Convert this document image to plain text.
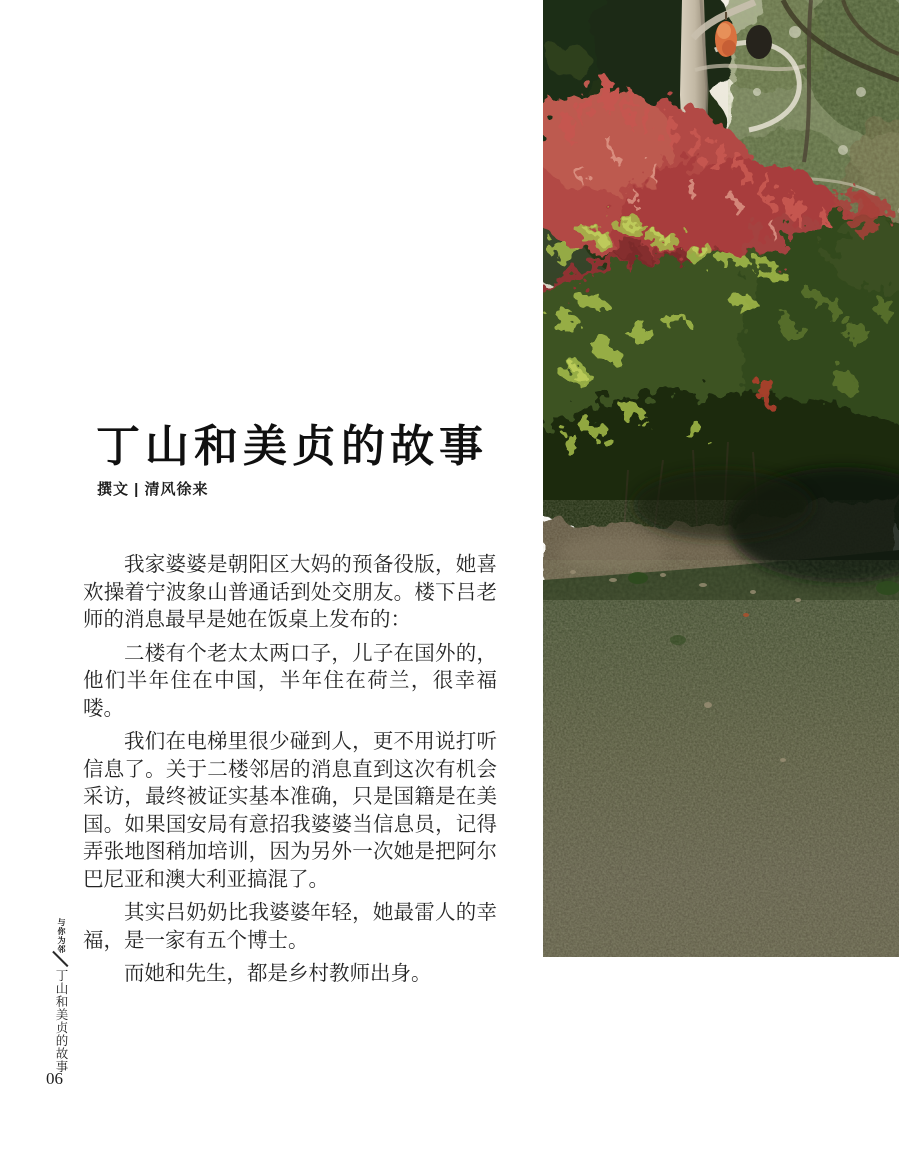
丁山和美贞的故事
撰文 | 清风徐来

我家婆婆是朝阳区大妈的预备役版，她喜欢操着宁波象山普通话到处交朋友。楼下吕老师的消息最早是她在饭桌上发布的：

二楼有个老太太两口子，儿子在国外的，他们半年住在中国，半年住在荷兰，很幸福喽。

我们在电梯里很少碰到人，更不用说打听信息了。关于二楼邻居的消息直到这次有机会采访，最终被证实基本准确，只是国籍是在美国。如果国安局有意招我婆婆当信息员，记得弄张地图稍加培训，因为另外一次她是把阿尔巴尼亚和澳大利亚搞混了。

其实吕奶奶比我婆婆年轻，她最雷人的幸福，是一家有五个博士。

而她和先生，都是乡村教师出身。

与你为邻
丁山和美贞的故事
06
